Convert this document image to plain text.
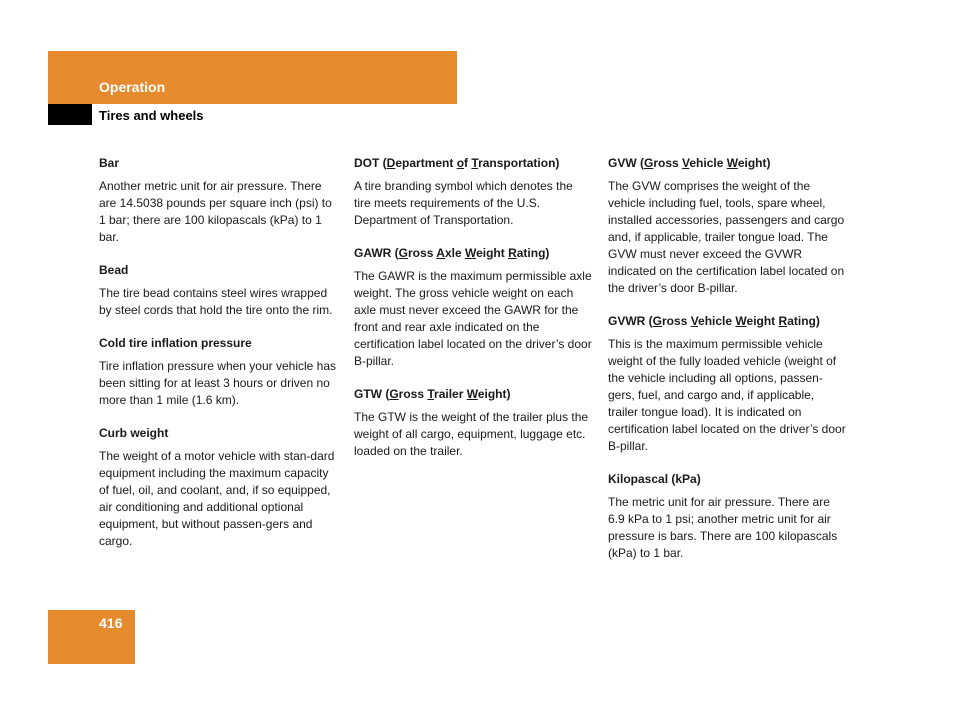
Operation
Tires and wheels
Bar
Another metric unit for air pressure. There are 14.5038 pounds per square inch (psi) to 1 bar; there are 100 kilopascals (kPa) to 1 bar.
Bead
The tire bead contains steel wires wrapped by steel cords that hold the tire onto the rim.
Cold tire inflation pressure
Tire inflation pressure when your vehicle has been sitting for at least 3 hours or driven no more than 1 mile (1.6 km).
Curb weight
The weight of a motor vehicle with stan-dard equipment including the maximum capacity of fuel, oil, and coolant, and, if so equipped, air conditioning and additional optional equipment, but without passen-gers and cargo.
DOT (Department of Transportation)
A tire branding symbol which denotes the tire meets requirements of the U.S. Department of Transportation.
GAWR (Gross Axle Weight Rating)
The GAWR is the maximum permissible axle weight. The gross vehicle weight on each axle must never exceed the GAWR for the front and rear axle indicated on the certification label located on the driver’s door B-pillar.
GTW (Gross Trailer Weight)
The GTW is the weight of the trailer plus the weight of all cargo, equipment, luggage etc. loaded on the trailer.
GVW (Gross Vehicle Weight)
The GVW comprises the weight of the vehicle including fuel, tools, spare wheel, installed accessories, passengers and cargo and, if applicable, trailer tongue load. The GVW must never exceed the GVWR indicated on the certification label located on the driver’s door B-pillar.
GVWR (Gross Vehicle Weight Rating)
This is the maximum permissible vehicle weight of the fully loaded vehicle (weight of the vehicle including all options, passen-gers, fuel, and cargo and, if applicable, trailer tongue load). It is indicated on certification label located on the driver’s door B-pillar.
Kilopascal (kPa)
The metric unit for air pressure. There are 6.9 kPa to 1 psi; another metric unit for air pressure is bars. There are 100 kilopascals (kPa) to 1 bar.
416
